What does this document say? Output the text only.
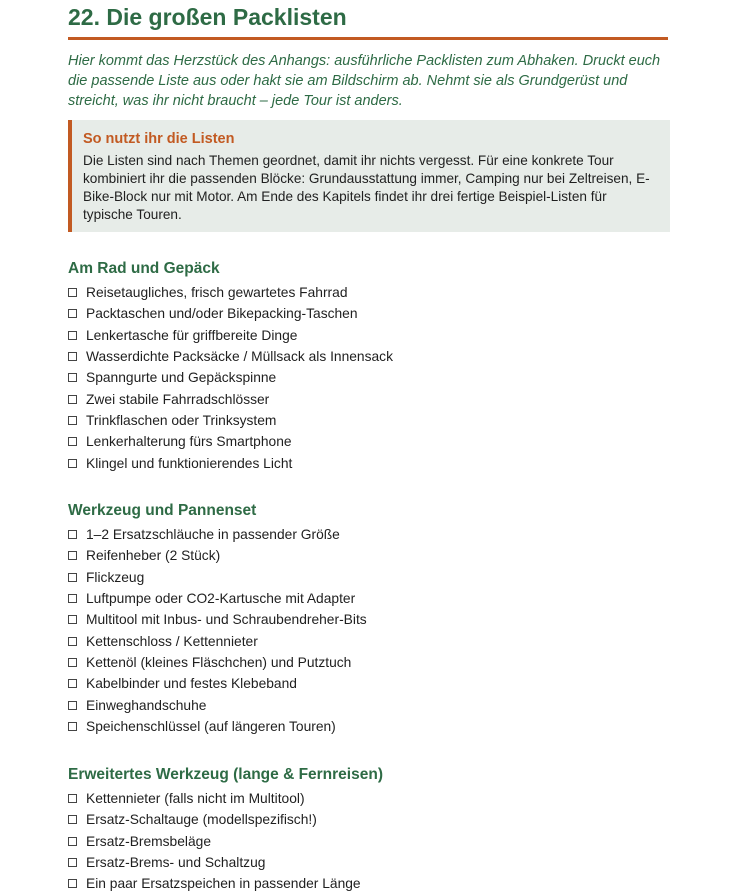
22. Die großen Packlisten

Hier kommt das Herzstück des Anhangs: ausführliche Packlisten zum Abhaken. Druckt euch die passende Liste aus oder hakt sie am Bildschirm ab. Nehmt sie als Grundgerüst und streicht, was ihr nicht braucht – jede Tour ist anders.

So nutzt ihr die Listen

Die Listen sind nach Themen geordnet, damit ihr nichts vergesst. Für eine konkrete Tour kombiniert ihr die passenden Blöcke: Grundausstattung immer, Camping nur bei Zeltreisen, E-Bike-Block nur mit Motor. Am Ende des Kapitels findet ihr drei fertige Beispiel-Listen für typische Touren.

Am Rad und Gepäck
Reisetaugliches, frisch gewartetes Fahrrad
Packtaschen und/oder Bikepacking-Taschen
Lenkertasche für griffbereite Dinge
Wasserdichte Packsäcke / Müllsack als Innensack
Spanngurte und Gepäckspinne
Zwei stabile Fahrradschlösser
Trinkflaschen oder Trinksystem
Lenkerhalterung fürs Smartphone
Klingel und funktionierendes Licht
Werkzeug und Pannenset
1–2 Ersatzschläuche in passender Größe
Reifenheber (2 Stück)
Flickzeug
Luftpumpe oder CO2-Kartusche mit Adapter
Multitool mit Inbus- und Schraubendreher-Bits
Kettenschloss / Kettennieter
Kettenöl (kleines Fläschchen) und Putztuch
Kabelbinder und festes Klebeband
Einweghandschuhe
Speichenschlüssel (auf längeren Touren)
Erweitertes Werkzeug (lange & Fernreisen)
Kettennieter (falls nicht im Multitool)
Ersatz-Schaltauge (modellspezifisch!)
Ersatz-Bremsbeläge
Ersatz-Brems- und Schaltzug
Ein paar Ersatzspeichen in passender Länge
